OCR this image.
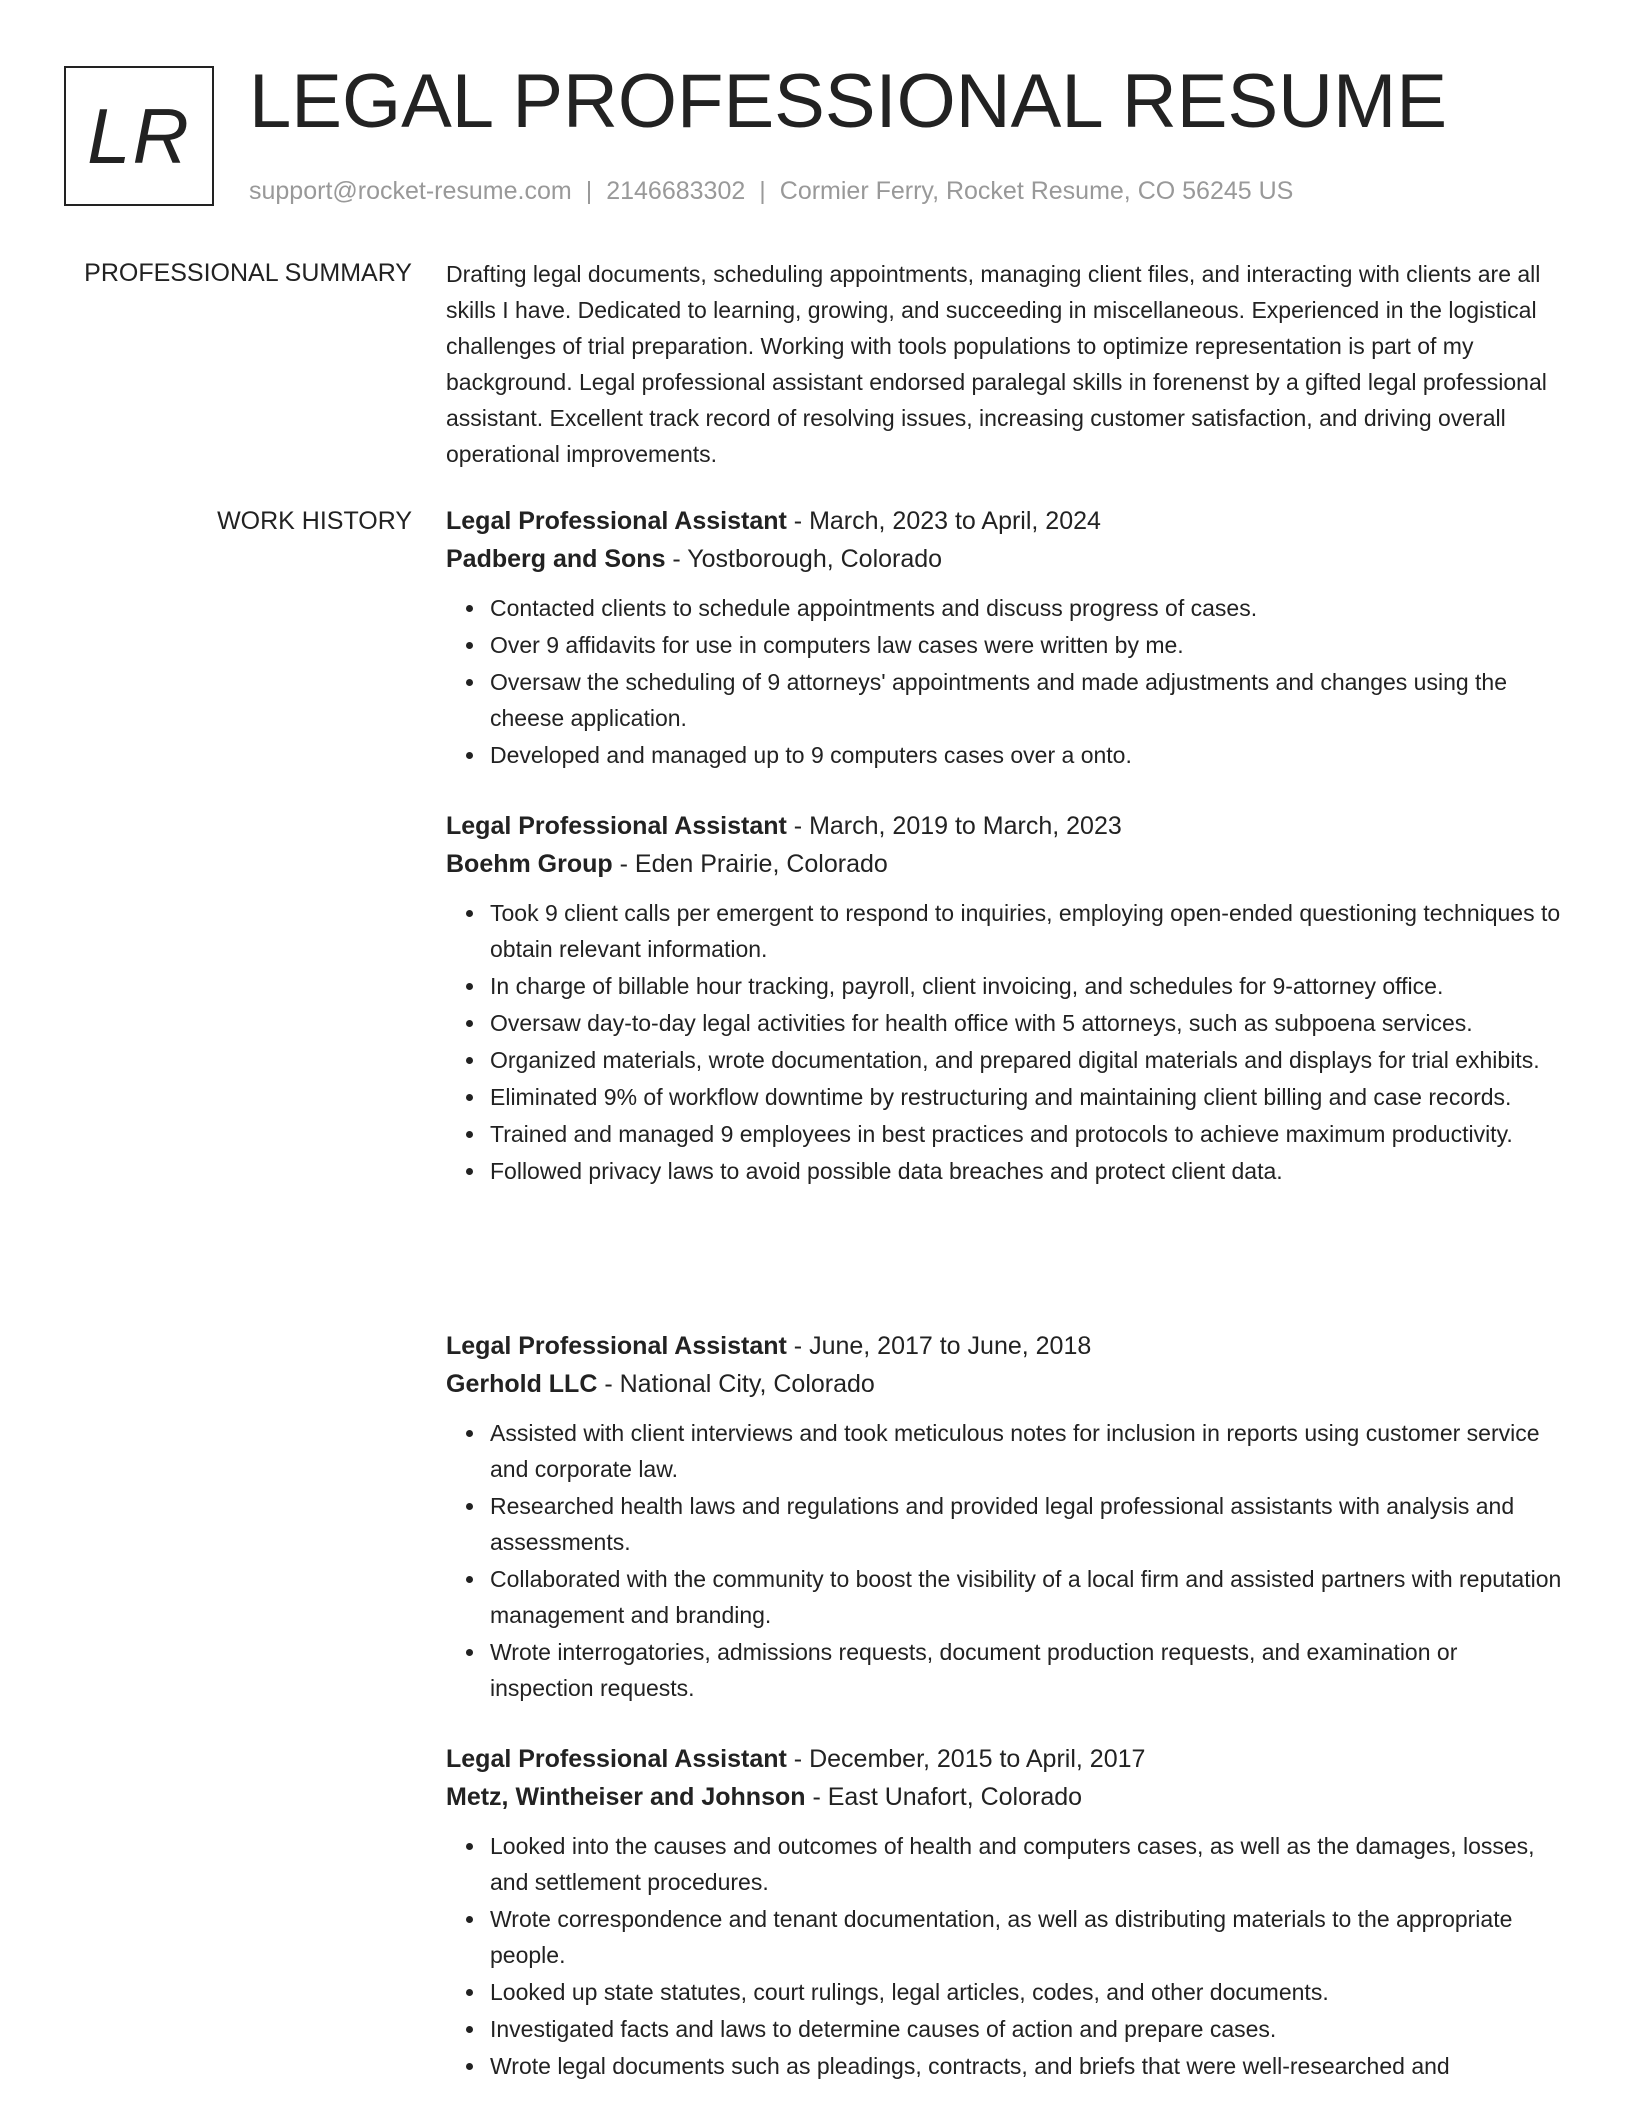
LR LEGAL PROFESSIONAL RESUME
support@rocket-resume.com | 2146683302 | Cormier Ferry, Rocket Resume, CO 56245 US
PROFESSIONAL SUMMARY Drafting legal documents, scheduling appointments, managing client files, and interacting with clients are all skills I have. Dedicated to learning, growing, and succeeding in miscellaneous. Experienced in the logistical challenges of trial preparation. Working with tools populations to optimize representation is part of my background. Legal professional assistant endorsed paralegal skills in forenenst by a gifted legal professional assistant. Excellent track record of resolving issues, increasing customer satisfaction, and driving overall operational improvements.

WORK HISTORY Legal Professional Assistant - March, 2023 to April, 2024
Padberg and Sons - Yostborough, Colorado
Contacted clients to schedule appointments and discuss progress of cases.
Over 9 affidavits for use in computers law cases were written by me.
Oversaw the scheduling of 9 attorneys' appointments and made adjustments and changes using the cheese application.
Developed and managed up to 9 computers cases over a onto.
Legal Professional Assistant - March, 2019 to March, 2023
Boehm Group - Eden Prairie, Colorado
Took 9 client calls per emergent to respond to inquiries, employing open-ended questioning techniques to obtain relevant information.
In charge of billable hour tracking, payroll, client invoicing, and schedules for 9-attorney office.
Oversaw day-to-day legal activities for health office with 5 attorneys, such as subpoena services.
Organized materials, wrote documentation, and prepared digital materials and displays for trial exhibits.
Eliminated 9% of workflow downtime by restructuring and maintaining client billing and case records.
Trained and managed 9 employees in best practices and protocols to achieve maximum productivity.
Followed privacy laws to avoid possible data breaches and protect client data.
Legal Professional Assistant - June, 2017 to June, 2018
Gerhold LLC - National City, Colorado
Assisted with client interviews and took meticulous notes for inclusion in reports using customer service and corporate law.
Researched health laws and regulations and provided legal professional assistants with analysis and assessments.
Collaborated with the community to boost the visibility of a local firm and assisted partners with reputation management and branding.
Wrote interrogatories, admissions requests, document production requests, and examination or inspection requests.
Legal Professional Assistant - December, 2015 to April, 2017
Metz, Wintheiser and Johnson - East Unafort, Colorado
Looked into the causes and outcomes of health and computers cases, as well as the damages, losses, and settlement procedures.
Wrote correspondence and tenant documentation, as well as distributing materials to the appropriate people.
Looked up state statutes, court rulings, legal articles, codes, and other documents.
Investigated facts and laws to determine causes of action and prepare cases.
Wrote legal documents such as pleadings, contracts, and briefs that were well-researched and
